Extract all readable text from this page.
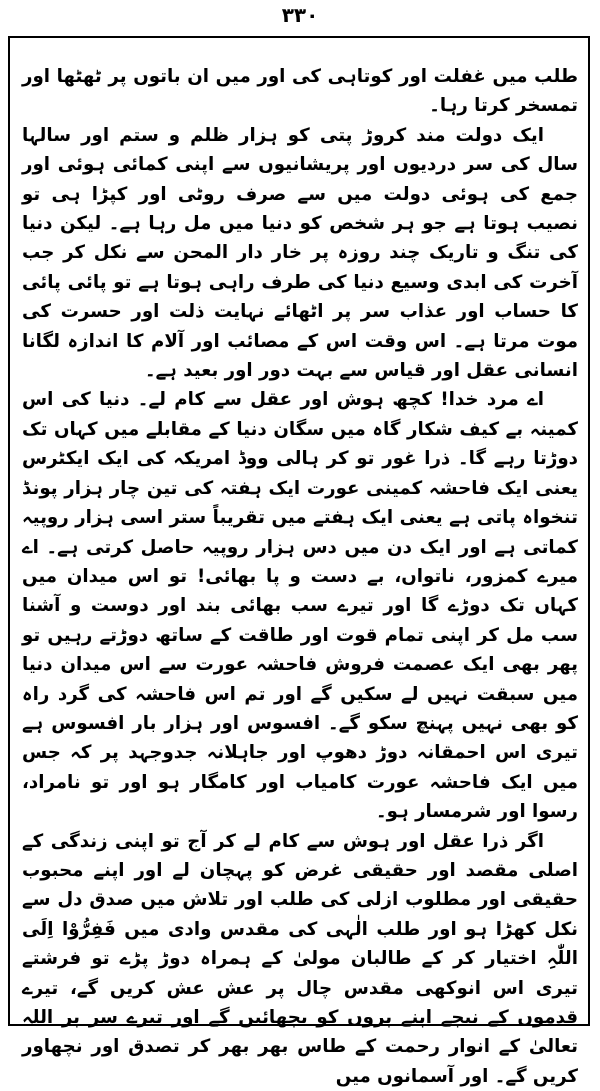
۳۳۰

طلب میں غفلت اور کوتاہی کی اور میں ان باتوں پر ٹھٹھا اور تمسخر کرتا رہا۔

ایک دولت مند کروڑ پتی کو ہزار ظلم و ستم اور سالہا سال کی سر دردیوں اور پریشانیوں سے اپنی کمائی ہوئی اور جمع کی ہوئی دولت میں سے صرف روٹی اور کپڑا ہی تو نصیب ہوتا ہے جو ہر شخص کو دنیا میں مل رہا ہے۔ لیکن دنیا کی تنگ و تاریک چند روزہ پر خار دار المحن سے نکل کر جب آخرت کی ابدی وسیع دنیا کی طرف راہی ہوتا ہے تو پائی پائی کا حساب اور عذاب سر پر اٹھائے نہایت ذلت اور حسرت کی موت مرتا ہے۔ اس وقت اس کے مصائب اور آلام کا اندازہ لگانا انسانی عقل اور قیاس سے بہت دور اور بعید ہے۔

اے مرد خدا! کچھ ہوش اور عقل سے کام لے۔ دنیا کی اس کمینہ بے کیف شکار گاہ میں سگان دنیا کے مقابلے میں کہاں تک دوڑتا رہے گا۔ ذرا غور تو کر ہالی ووڈ امریکہ کی ایک ایکٹرس یعنی ایک فاحشہ کمینی عورت ایک ہفتہ کی تین چار ہزار پونڈ تنخواہ پاتی ہے یعنی ایک ہفتے میں تقریباً ستر اسی ہزار روپیہ کماتی ہے اور ایک دن میں دس ہزار روپیہ حاصل کرتی ہے۔ اے میرے کمزور، ناتواں، بے دست و پا بھائی! تو اس میدان میں کہاں تک دوڑے گا اور تیرے سب بھائی بند اور دوست و آشنا سب مل کر اپنی تمام قوت اور طاقت کے ساتھ دوڑتے رہیں تو پھر بھی ایک عصمت فروش فاحشہ عورت سے اس میدان دنیا میں سبقت نہیں لے سکیں گے اور تم اس فاحشہ کی گرد راہ کو بھی نہیں پہنچ سکو گے۔ افسوس اور ہزار بار افسوس ہے تیری اس احمقانہ دوڑ دھوپ اور جاہلانہ جدوجہد پر کہ جس میں ایک فاحشہ عورت کامیاب اور کامگار ہو اور تو نامراد، رسوا اور شرمسار ہو۔

اگر ذرا عقل اور ہوش سے کام لے کر آج تو اپنی زندگی کے اصلی مقصد اور حقیقی غرض کو پہچان لے اور اپنے محبوب حقیقی اور مطلوب ازلی کی طلب اور تلاش میں صدق دل سے نکل کھڑا ہو اور طلب الٰہی کی مقدس وادی میں فَفِرُّوْا اِلَی اللّٰہِ اختیار کر کے طالبان مولیٰ کے ہمراہ دوڑ پڑے تو فرشتے تیری اس انوکھی مقدس چال پر عش عش کریں گے، تیرے قدموں کے نیچے اپنے پروں کو بچھائیں گے اور تیرے سر پر اللہ تعالیٰ کے انوار رحمت کے طاس بھر بھر کر تصدق اور نچھاور کریں گے۔ اور آسمانوں میں
